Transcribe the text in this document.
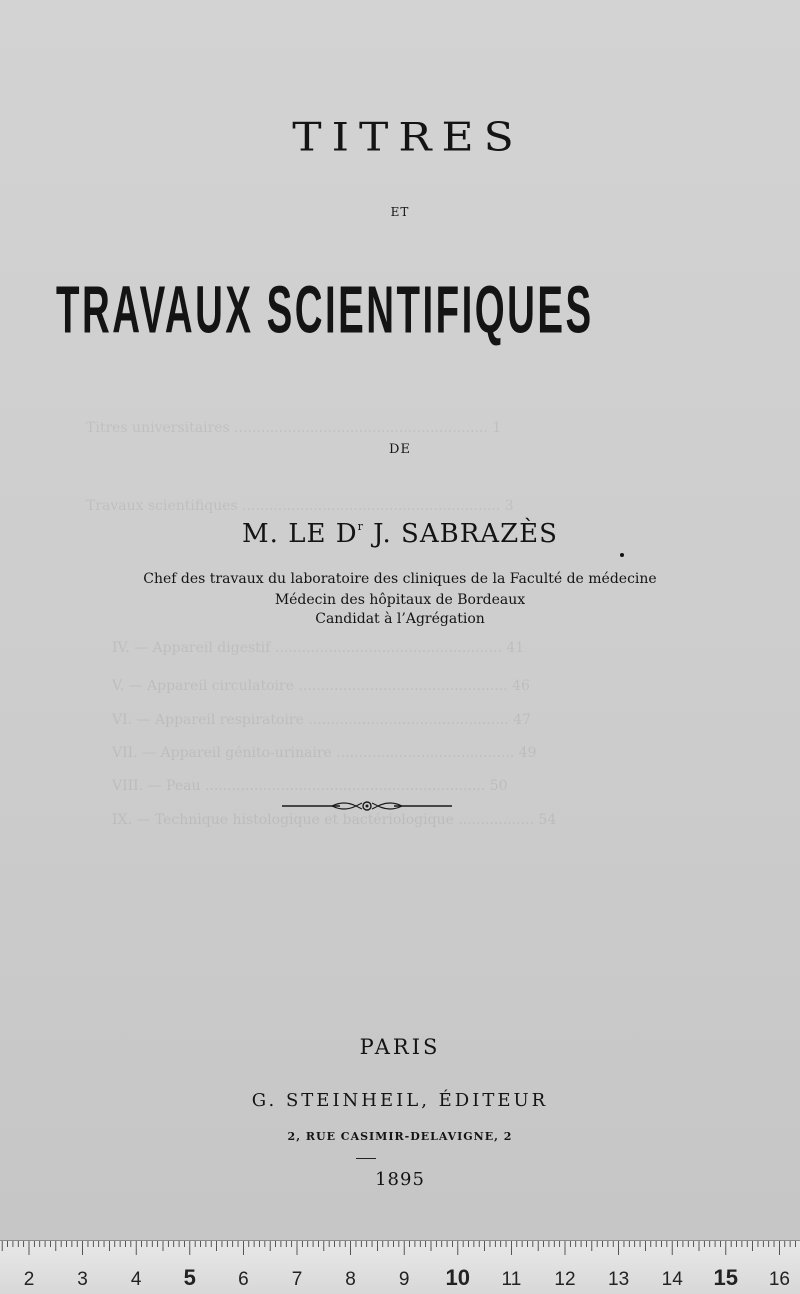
Titres universitaires ......................................................... 1
Travaux scientifiques .......................................................... 3
IV. — Appareil digestif ................................................... 41
V. — Appareil circulatoire ............................................... 46
VI. — Appareil respiratoire ............................................. 47
VII. — Appareil génito-urinaire ........................................ 49
VIII. — Peau ............................................................... 50
IX. — Technique histologique et bactériologique ................. 54
TITRES
ET
TRAVAUX SCIENTIFIQUES
DE
M. LE $D^r$ J. SABRAZÈS
Chef des travaux du laboratoire des cliniques de la Faculté de médecine
Médecin des hôpitaux de Bordeaux
Candidat à l’Agrégation
PARIS
G. STEINHEIL, ÉDITEUR
2, RUE CASIMIR-DELAVIGNE, 2
1895
2 3 4 5 6 7 8 9 10 11 12 13 14 15 16
